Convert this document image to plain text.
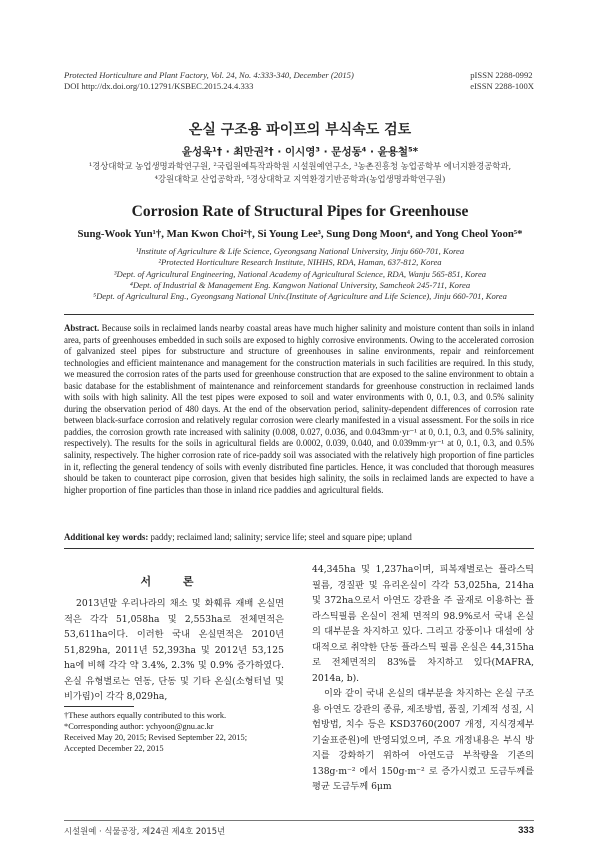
Protected Horticulture and Plant Factory, Vol. 24, No. 4:333-340, December (2015)
DOI http://dx.doi.org/10.12791/KSBEC.2015.24.4.333
pISSN 2288-0992
eISSN 2288-100X
온실 구조용 파이프의 부식속도 검토
윤성욱¹† · 최만권²† · 이시영³ · 문성동⁴ · 윤용철⁵*
¹경상대학교 농업생명과학연구원, ²국립원예특작과학원 시설원예연구소, ³농촌진흥청 농업공학부 에너지환경공학과,
⁴강원대학교 산업공학과, ⁵경상대학교 지역환경기반공학과(농업생명과학연구원)
Corrosion Rate of Structural Pipes for Greenhouse
Sung-Wook Yun¹†, Man Kwon Choi²†, Si Young Lee³, Sung Dong Moon⁴, and Yong Cheol Yoon⁵*
¹Institute of Agriculture & Life Science, Gyeongsang National University, Jinju 660-701, Korea
²Protected Horticulture Research Institute, NIHHS, RDA, Haman, 637-812, Korea
³Dept. of Agricultural Engineering, National Academy of Agricultural Science, RDA, Wanju 565-851, Korea
⁴Dept. of Industrial & Management Eng. Kangwon National University, Samcheok 245-711, Korea
⁵Dept. of Agricultural Eng., Gyeongsang National Univ.(Institute of Agriculture and Life Science), Jinju 660-701, Korea
Abstract. Because soils in reclaimed lands nearby coastal areas have much higher salinity and moisture content than soils in inland area, parts of greenhouses embedded in such soils are exposed to highly corrosive environments. Owing to the accelerated corrosion of galvanized steel pipes for substructure and structure of greenhouses in saline environments, repair and reinforcement technologies and efficient maintenance and management for the construction materials in such facilities are required. In this study, we measured the corrosion rates of the parts used for greenhouse construction that are exposed to the saline environment to obtain a basic database for the establishment of maintenance and reinforcement standards for greenhouse construction in reclaimed lands with soils with high salinity. All the test pipes were exposed to soil and water environments with 0, 0.1, 0.3, and 0.5% salinity during the observation period of 480 days. At the end of the observation period, salinity-dependent differences of corrosion rate between black-surface corrosion and relatively regular corrosion were clearly manifested in a visual assessment. For the soils in rice paddies, the corrosion growth rate increased with salinity (0.008, 0.027, 0.036, and 0.043mm·yr⁻¹ at 0, 0.1, 0.3, and 0.5% salinity, respectively). The results for the soils in agricultural fields are 0.0002, 0.039, 0.040, and 0.039mm·yr⁻¹ at 0, 0.1, 0.3, and 0.5% salinity, respectively. The higher corrosion rate of rice-paddy soil was associated with the relatively high proportion of fine particles in it, reflecting the general tendency of soils with evenly distributed fine particles. Hence, it was concluded that thorough measures should be taken to counteract pipe corrosion, given that besides high salinity, the soils in reclaimed lands are expected to have a higher proportion of fine particles than those in inland rice paddies and agricultural fields.
Additional key words: paddy; reclaimed land; salinity; service life; steel and square pipe; upland
서 론
2013년말 우리나라의 채소 및 화훼류 재배 온실면적은 각각 51,058ha 및 2,553ha로 전체면적은 53,611ha이다. 이러한 국내 온실면적은 2010년 51,829ha, 2011년 52,393ha 및 2012년 53,125 ha에 비해 각각 약 3.4%, 2.3% 및 0.9% 증가하였다. 온실 유형별로는 연동, 단동 및 기타 온실(소형터널 및 비가림)이 각각 8,029ha,
†These authors equally contributed to this work.
*Corresponding author: ychyoon@gnu.ac.kr
Received May 20, 2015; Revised September 22, 2015;
Accepted December 22, 2015
44,345ha 및 1,237ha이며, 피복재별로는 플라스틱 필름, 경질판 및 유리온실이 각각 53,025ha, 214ha 및 372ha으로서 아연도 강관을 주 골재로 이용하는 플라스틱필름 온실이 전체 면적의 98.9%로서 국내 온실의 대부분을 차지하고 있다. 그리고 강풍이나 대설에 상대적으로 취약한 단동 플라스틱 필름 온실은 44,315ha로 전체면적의 83%를 차지하고 있다(MAFRA, 2014a, b).
이와 같이 국내 온실의 대부분을 차지하는 온실 구조용 아연도 강관의 종류, 제조방법, 품질, 기계적 성질, 시험방법, 치수 등은 KSD3760(2007 개정, 지식경제부 기술표준원)에 반영되었으며, 주요 개정내용은 부식 방지를 강화하기 위하여 아연도금 부착량을 기존의 138g·m⁻² 에서 150g·m⁻² 로 증가시켰고 도금두께를 평균 도금두께 6μm
시설원예 · 식물공장, 제24권 제4호 2015년	333
